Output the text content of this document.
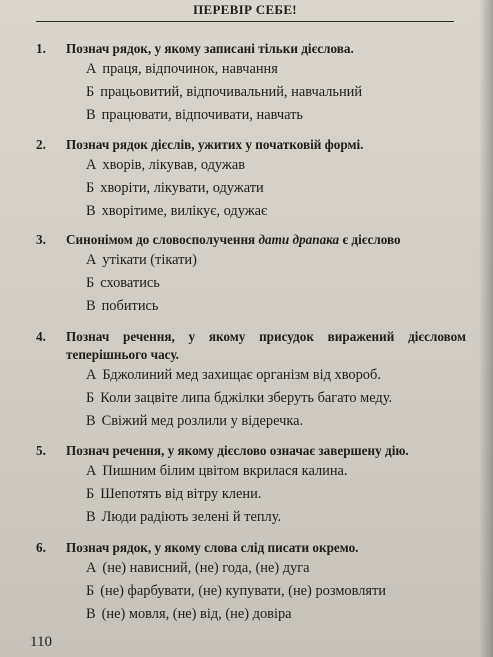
ПЕРЕВІР СЕБЕ!
1.	Познач рядок, у якому записані тільки дієслова.
А праця, відпочинок, навчання
Б працьовитий, відпочивальний, навчальний
В працювати, відпочивати, навчать
2.	Познач рядок дієслів, ужитих у початковій формі.
А хворів, лікував, одужав
Б хворіти, лікувати, одужати
В хворітиме, вилікує, одужає
3.	Синонімом до словосполучення дати драпака є дієслово
А утікати (тікати)
Б сховатись
В побитись
4.	Познач речення, у якому присудок виражений дієсловом теперішнього часу.
А Бджолиний мед захищає організм від хвороб.
Б Коли зацвіте липа бджілки зберуть багато меду.
В Свіжий мед розлили у відеречка.
5.	Познач речення, у якому дієслово означає завершену дію.
А Пишним білим цвітом вкрилася калина.
Б Шепотять від вітру клени.
В Люди радіють зелені й теплу.
6.	Познач рядок, у якому слова слід писати окремо.
А (не) нависний, (не) года, (не) дуга
Б (не) фарбувати, (не) купувати, (не) розмовляти
В (не) мовля, (не) від, (не) довіра
110
